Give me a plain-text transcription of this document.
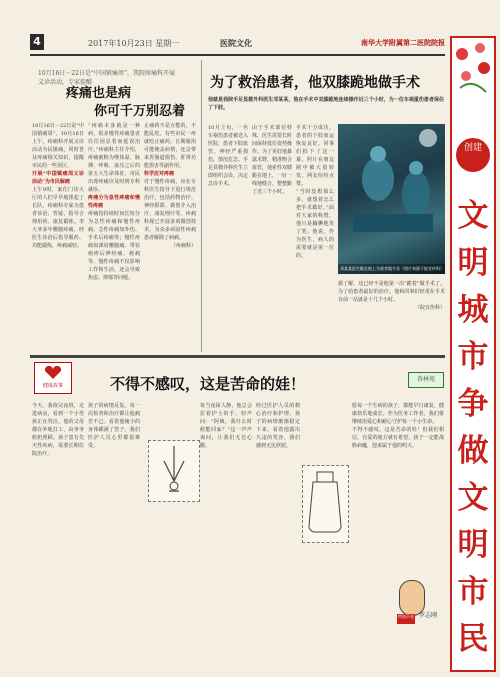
4	2017年10月23日 星期一	医院文化	南华大学附属第二医院院报
10月16日－22日是“中国镇痛周”，我院疼痛科开展义诊活动，专家提醒
疼痛也是病
你可千万别忍着
10月16日－22日是“中国镇痛周”。10月16日上午，疼痛科开展义诊活动为民镇痛，同时普及疼痛相关知识，提醒市民的一些误区。
开展“中国镇痛周义诊活动”为市民解痛
上午9时，家住门诊大厅的人们早早地排起了长队，疼痛科专家为患者诊治、答疑，指导合理用药、康复锻炼。李大爷多年腰腿疼痛，经医生诊治后指导服药、功能锻炼，疼痛减轻。
“疼痛本身就是一种病，很多慢性疼痛患者往往因忍着而延误治疗。”疼痛科主任介绍，疼痛被称为继体温、脉搏、呼吸、血压之后的第五大生命体征，市民出现疼痛应及时到专科就诊。
疼痛分为急性疼痛和慢性疼痛
疼痛按持续时间长短分为急性疼痛和慢性疼痛。急性疼痛如外伤、手术后疼痛等；慢性疼痛如颈肩腰腿痛、带状疱疹后神经痛、癌痛等。慢性疼痛不仅影响工作和生活，还会导致焦虑、抑郁等问题。
止痛药不是万能的，不能乱吃。有些市民一疼就吃止痛药，长期服用可能掩盖病情，还会带来胃肠道损伤、肝肾功能损害等副作用。
科学应对疼痛
对于慢性疼痛，应在专科医生指导下进行规范治疗，包括药物治疗、神经阻滞、微创介入治疗、康复理疗等。疼痛科现已开展多项微创技术，为众多顽固性疼痛患者解除了病痛。
（疼痛科）
为了救治患者，他双膝跪地做手术
他就是我院手足显微外科医生邓某某，他在手术中双膝跪地连续操作近三个小时，为一位车祸重伤患者保住了下肢。
10月上旬，一名车祸伤患者被送入医院，患者下肢血管、神经严重损伤，情况危急。手足显微外科医生立即组织会诊，决定急诊手术。
由于手术部位特殊，医生需要长时间保持低位姿势操作。为了更好地暴露术野，精准吻合血管，他索性双膝跪在地上，一针一线地缝合，整整跪了近三个小时。
手术十分成功，患者的下肢血运恢复良好。同事们拍下了这一幕，照片在朋友圈中被大量转发，网友纷纷点赞。
“当时没想那么多，就想着怎么把手术做好。”面对大家的称赞，他只是腼腆地笑了笑。他说，作为医生，病人的需要就是第一位的。
邓某某医生跪在地上为患者做手术（图片来源于院宣传科）
据了解，这已经不是他第一次“跪着”做手术了。为了给患者最好的治疗，他和同事们经常在手术台前一站就是十几个小时。
（院宣传科）
健康故事	不得不感叹，这是苦命的娃！	杏林苑
今天，我值完夜班，走进病房，看到一个小男孩正在哭泣。他的父母都在外地打工，由爷爷奶奶照顾。孩子患有先天性疾病，需要长期住院治疗。
孩子的病情反复，每一次检查和治疗都让他痛苦不已。看着他瘦小的身体插满了管子，我们医护人员心里都很难受。
每当夜深人静，他总会拉着护士的手，轻声问：“阿姨，我什么时候能回家？”这一声声询问，让我们无比心酸。
经过医护人员的精心治疗和护理，孩子的病情渐渐稳定下来。看着他露出久违的笑容，我们感到无比欣慰。
愿每一个生病的孩子，都能早日康复，健康快乐地成长。作为医务工作者，我们将继续用爱心和耐心守护每一个小生命。
不得不感叹，这是苦命的娃！但我们相信，有爱的地方就有希望，孩子一定能战胜病魔，迎来属于他的明天。
特别声音 罗志刚
创建
文明城市争做文明市民
